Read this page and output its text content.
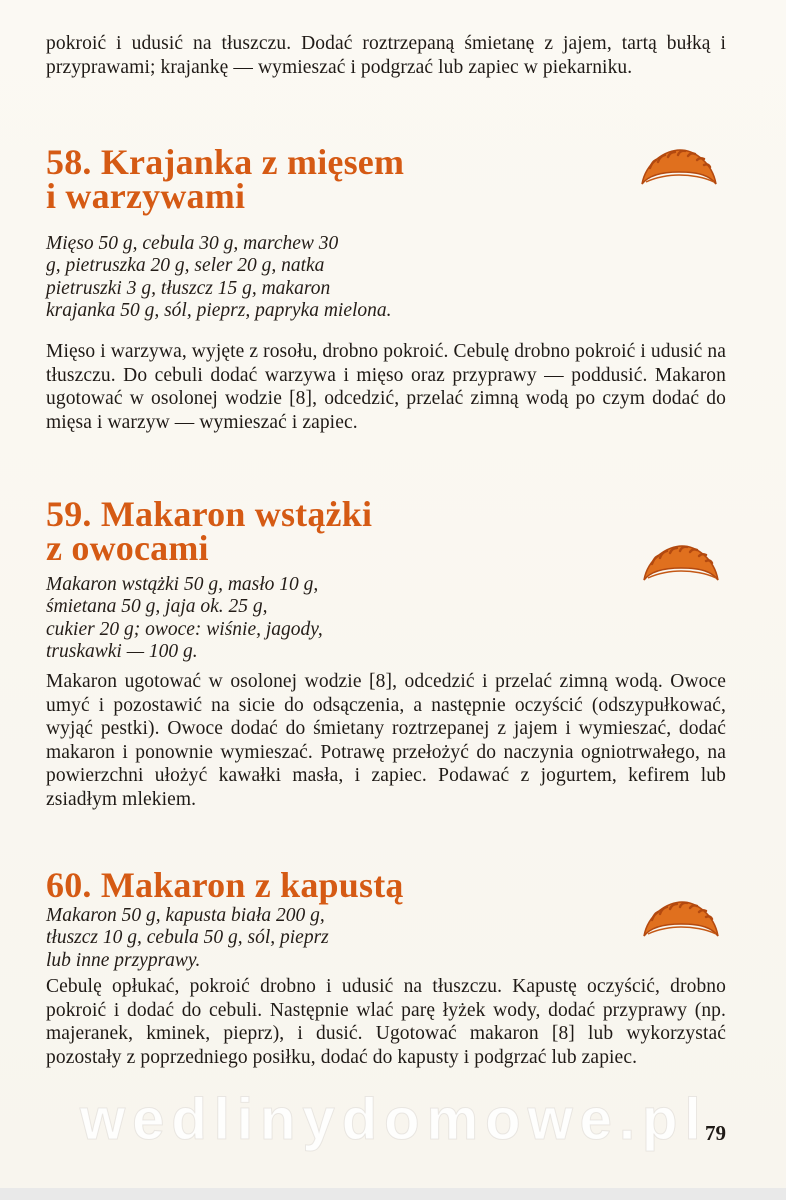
pokroić i udusić na tłuszczu. Dodać roztrzepaną śmietanę z jajem, tartą bułką i przyprawami; krajankę — wymieszać i podgrzać lub zapiec w piekarniku.

58. Krajanka z mięsem
i warzywami
Mięso 50 g, cebula 30 g, marchew 30
g, pietruszka 20 g, seler 20 g, natka
pietruszki 3 g, tłuszcz 15 g, makaron
krajanka 50 g, sól, pieprz, papryka mielona.

Mięso i warzywa, wyjęte z rosołu, drobno pokroić. Cebulę drobno pokroić i udusić na tłuszczu. Do cebuli dodać warzywa i mięso oraz przyprawy — poddusić. Makaron ugotować w osolonej wodzie [8], odcedzić, przelać zimną wodą po czym dodać do mięsa i warzyw — wymieszać i zapiec.

59. Makaron wstążki
z owocami
Makaron wstążki 50 g, masło 10 g,
śmietana 50 g, jaja ok. 25 g,
cukier 20 g; owoce: wiśnie, jagody,
truskawki — 100 g.

Makaron ugotować w osolonej wodzie [8], odcedzić i przelać zimną wodą. Owoce umyć i pozostawić na sicie do odsączenia, a następnie oczyścić (odszypułkować, wyjąć pestki). Owoce dodać do śmietany roztrzepanej z jajem i wymieszać, dodać makaron i ponownie wymieszać. Potrawę przełożyć do naczynia ogniotrwałego, na powierzchni ułożyć kawałki masła, i zapiec. Podawać z jogurtem, kefirem lub zsiadłym mlekiem.

60. Makaron z kapustą
Makaron 50 g, kapusta biała 200 g,
tłuszcz 10 g, cebula 50 g, sól, pieprz
lub inne przyprawy.

Cebulę opłukać, pokroić drobno i udusić na tłuszczu. Kapustę oczyścić, drobno pokroić i dodać do cebuli. Następnie wlać parę łyżek wody, dodać przyprawy (np. majeranek, kminek, pieprz), i dusić. Ugotować makaron [8] lub wykorzystać pozostały z poprzedniego posiłku, dodać do kapusty i podgrzać lub zapiec.

wedlinydomowe.pl
79
